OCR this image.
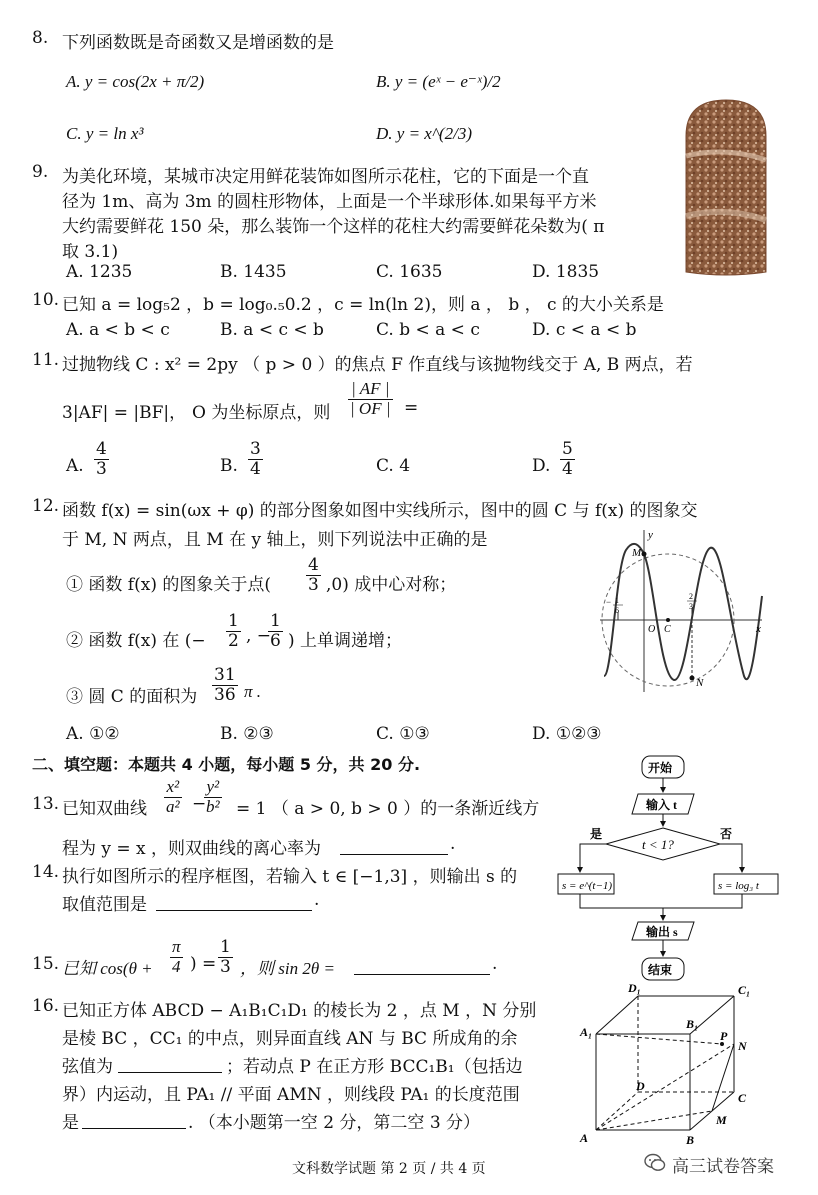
8. 下列函数既是奇函数又是增函数的是
A. y = cos(2x + π/2)	B. y = (eˣ − e⁻ˣ)/2
C. y = ln x³	D. y = x^(2/3)
9. 为美化环境，某城市决定用鲜花装饰如图所示花柱，它的下面是一个直
径为 1m、高为 3m 的圆柱形物体，上面是一个半球形体.如果每平方米
大约需要鲜花 150 朵，那么装饰一个这样的花柱大约需要鲜花朵数为( π
取 3.1)
A. 1235	B. 1435	C. 1635	D. 1835
10. 已知 a = log₅2 ，b = log₀.₅0.2 ，c = ln(ln 2)，则 a ， b ， c 的大小关系是
A. a < b < c	B. a < c < b	C. b < a < c	D. c < a < b
11. 过抛物线 C : x² = 2py （ p > 0 ）的焦点 F 作直线与该抛物线交于 A, B 两点，若
3|AF| = |BF|， O 为坐标原点，则 $\frac{| AF |}{| OF |}$ =
A. $\frac{4}{3}$	B. $\frac{3}{4}$	C. 4	D. $\frac{5}{4}$
12. 函数 f(x) = sin(ωx + φ) 的部分图象如图中实线所示，图中的圆 C 与 f(x) 的图象交
于 M, N 两点，且 M 在 y 轴上，则下列说法中正确的是
① 函数 f(x) 的图象关于点( $\frac{4}{3} ,0$) 成中心对称；
② 函数 f(x) 在 (− $\frac{1}{2}$ , −
$\frac{1}{6}$ ) 上单调递增；
③ 圆 C 的面积为 $\frac{31}{36}$ π .
A. ①②	B. ②③	C. ①③	D. ①②③
y
x
M
N
O C
− 1
6
2
3
二、填空题：本题共 4 小题，每小题 5 分，共 20 分.
13. 已知双曲线 $\frac{\text{x²}}{\text{a²}}$ −
$\frac{\text{y²}}{\text{b²}} = 1$ （ a > 0, b > 0 ）的一条渐近线方
程为 y = x ，则双曲线的离心率为	.
14. 执行如图所示的程序框图，若输入 t ∈ [−1,3] ，则输出 s 的
取值范围是	.
15. 已知 $\cos(\theta + \frac{\pi}{4}$ ) = $\frac{1}{3}$ ，则 sin 2θ =	.
16. 已知正方体 ABCD − A₁B₁C₁D₁ 的棱长为 2 ，点 M ，N 分别
是棱 BC ，CC₁ 的中点，则异面直线 AN 与 BC 所成角的余
弦值为	；若动点 P 在正方形 BCC₁B₁（包括边
界）内运动，且 PA₁ // 平面 AMN ，则线段 PA₁ 的长度范围
是	. （本小题第一空 2 分，第二空 3 分）
开始
输入 t
t < 1?
是	否
s = e^(t−1)	s = log₃ t
输出 s
结束
A	B
C
D
A₁
B₁
C₁
D₁
M
N
P
文科数学试题 第 2 页 / 共 4 页	高三试卷答案
